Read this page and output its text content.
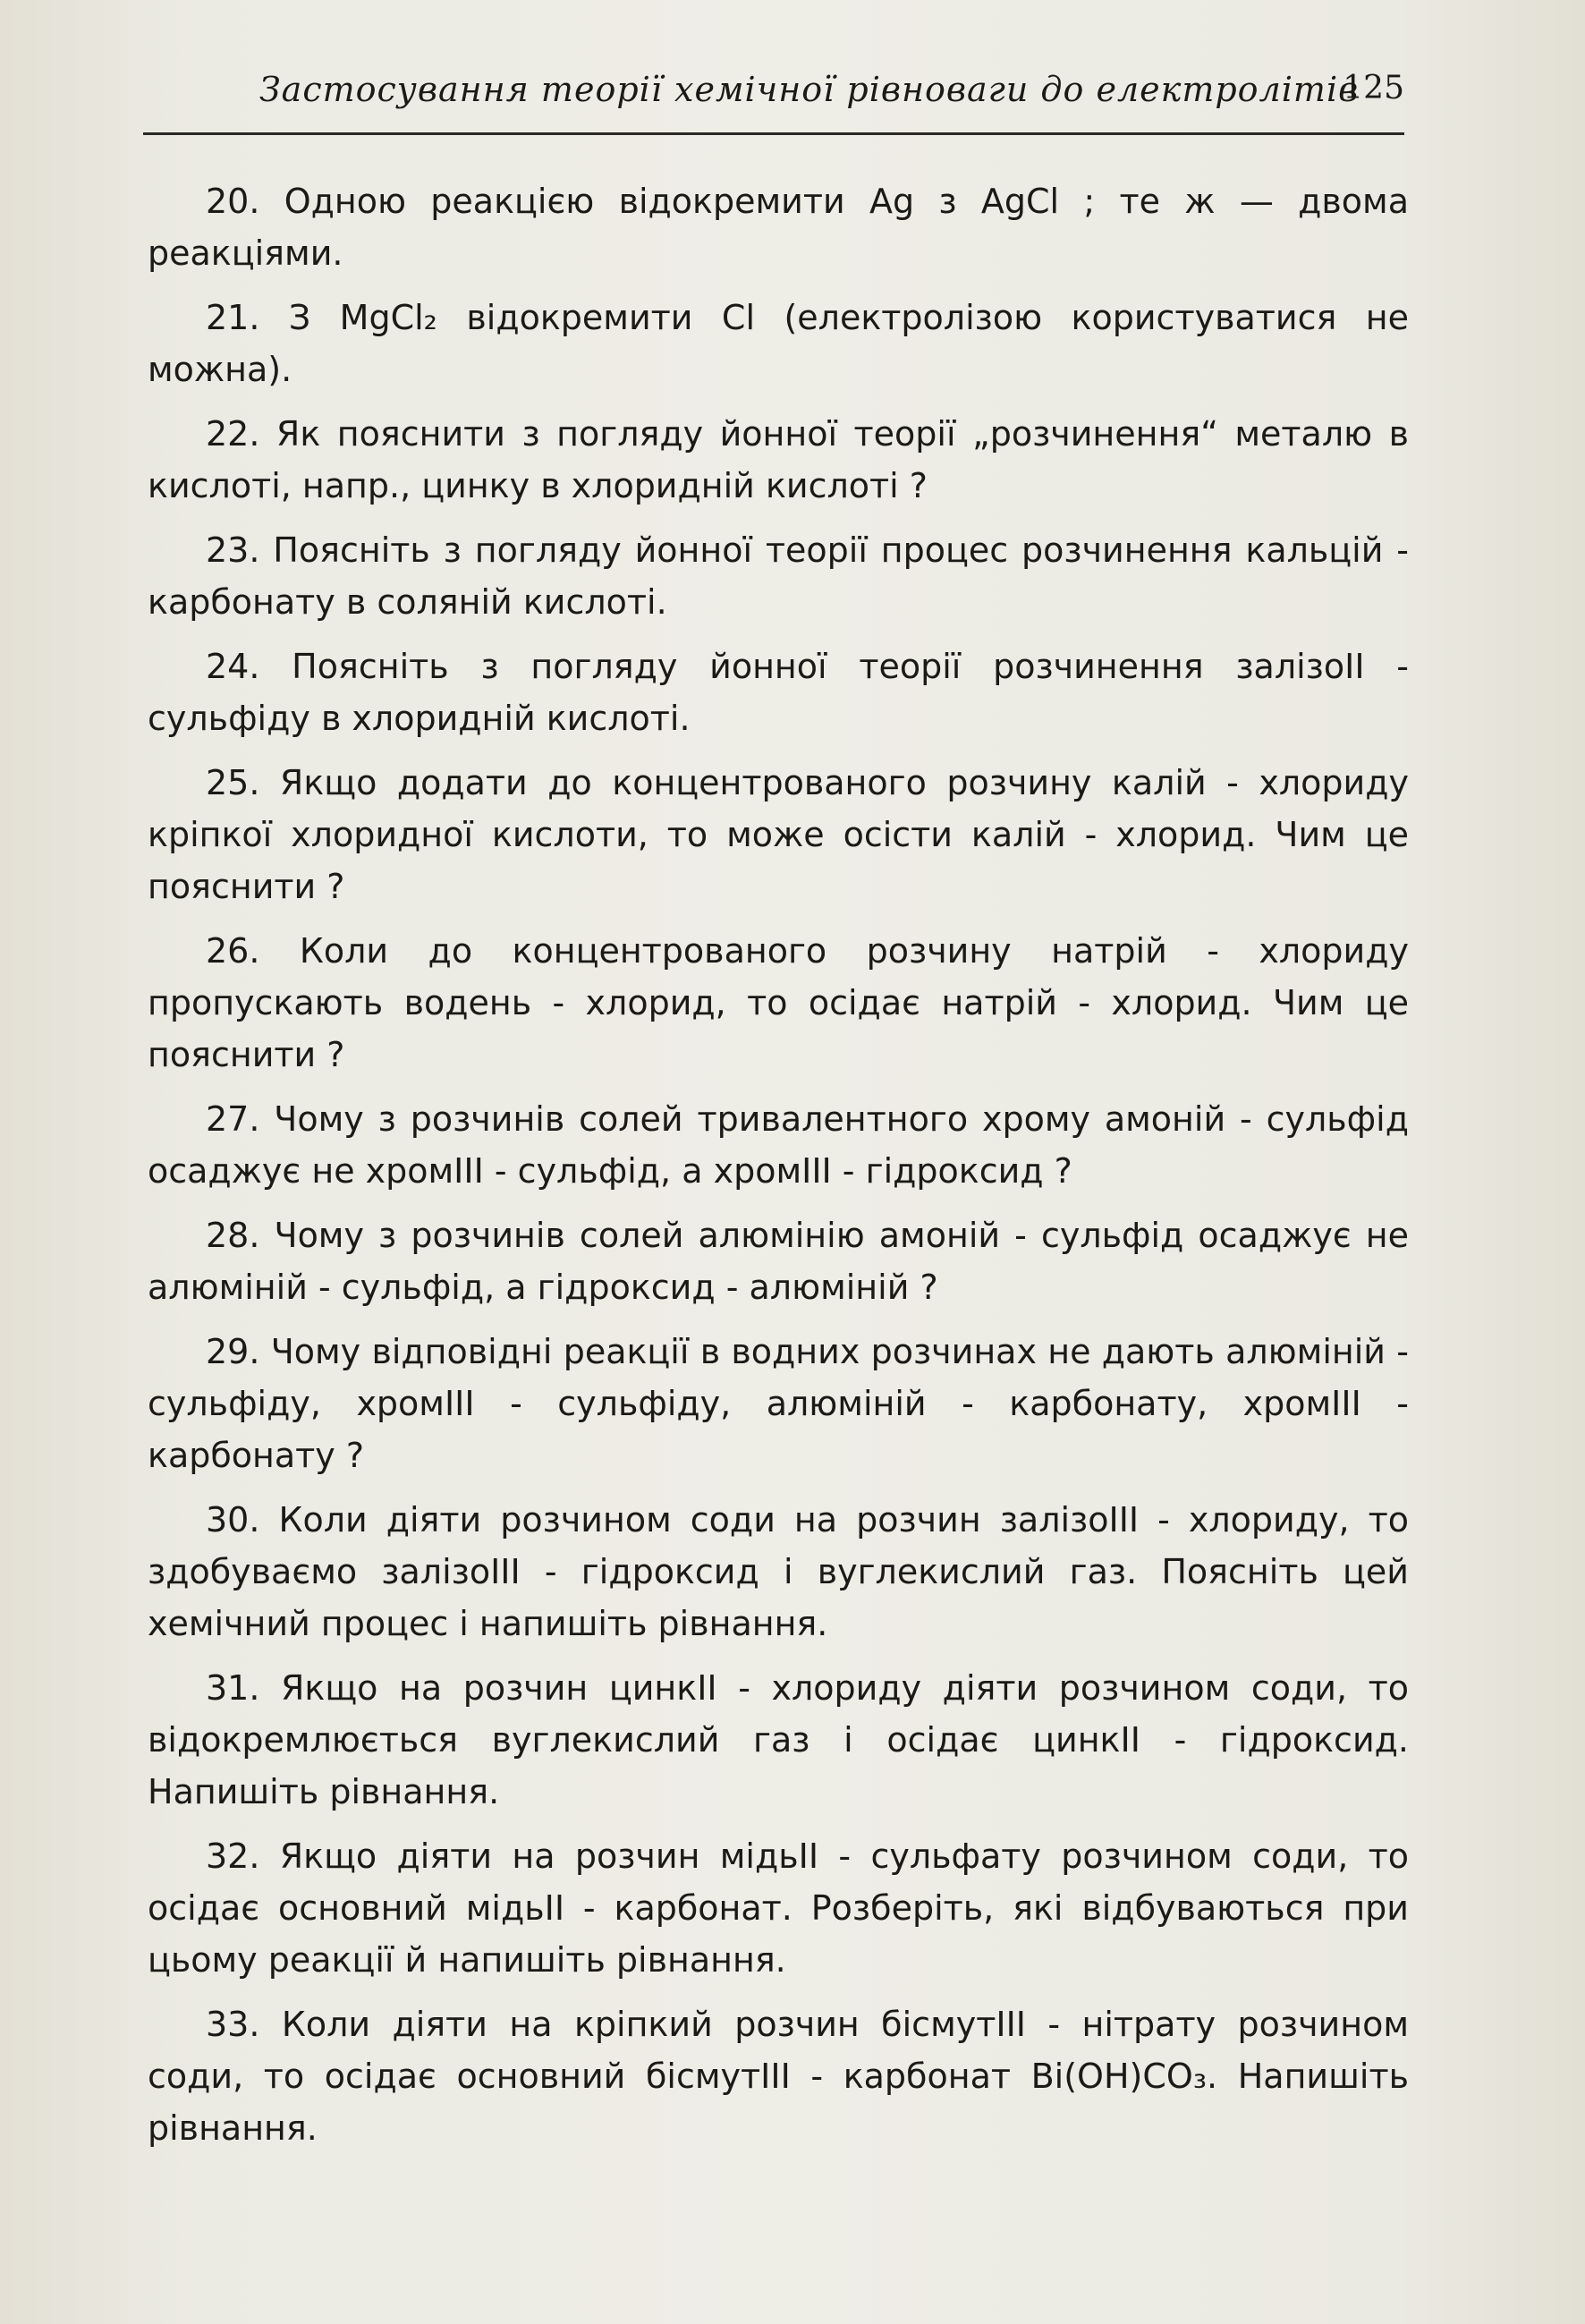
Застосування теорії хемічної рівноваги до електролітів
125

20. Одною реакцією відокремити Ag з AgCl ; те ж — двома реакціями.

21. З MgCl₂ відокремити Cl (електролізою користуватися не можна).

22. Як пояснити з погляду йонної теорії „розчинення“ металю в кислоті, напр., цинку в хлоридній кислоті ?

23. Поясніть з погляду йонної теорії процес розчинення кальцій - карбонату в соляній кислоті.

24. Поясніть з погляду йонної теорії розчинення залізоII - сульфіду в хлоридній кислоті.

25. Якщо додати до концентрованого розчину калій - хлориду кріпкої хлоридної кислоти, то може осісти калій - хлорид. Чим це пояснити ?

26. Коли до концентрованого розчину натрій - хлориду пропускають водень - хлорид, то осідає натрій - хлорид. Чим це пояснити ?

27. Чому з розчинів солей тривалентного хрому амоній - сульфід осаджує не хромIII - сульфід, а хромIII - гідроксид ?

28. Чому з розчинів солей алюмінію амоній - сульфід осаджує не алюміній - сульфід, а гідроксид - алюміній ?

29. Чому відповідні реакції в водних розчинах не дають алюміній - сульфіду, хромIII - сульфіду, алюміній - карбонату, хромIII - карбонату ?

30. Коли діяти розчином соди на розчин залізоIII - хлориду, то здобуваємо залізоIII - гідроксид і вуглекислий газ. Поясніть цей хемічний процес і напишіть рівнання.

31. Якщо на розчин цинкII - хлориду діяти розчином соди, то відокремлюється вуглекислий газ і осідає цинкII - гідроксид. Напишіть рівнання.

32. Якщо діяти на розчин мідьII - сульфату розчином соди, то осідає основний мідьII - карбонат. Розберіть, які відбуваються при цьому реакції й напишіть рівнання.

33. Коли діяти на кріпкий розчин бісмутIII - нітрату розчином соди, то осідає основний бісмутIII - карбонат Bi(OH)CO₃. Напишіть рівнання.
